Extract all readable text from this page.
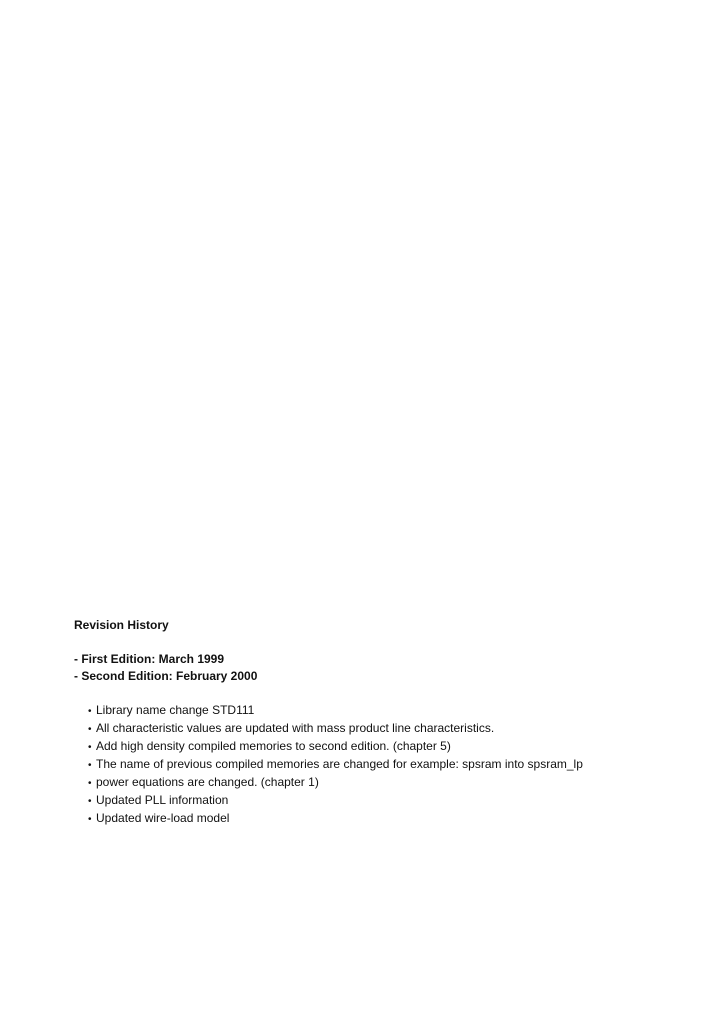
Revision History

- First Edition: March 1999
- Second Edition: February 2000
• Library name change STD111
• All characteristic values are updated with mass product line characteristics.
• Add high density compiled memories to second edition. (chapter 5)
• The name of previous compiled memories are changed for example: spsram into spsram_lp
• power equations are changed. (chapter 1)
• Updated PLL information
• Updated wire-load model
